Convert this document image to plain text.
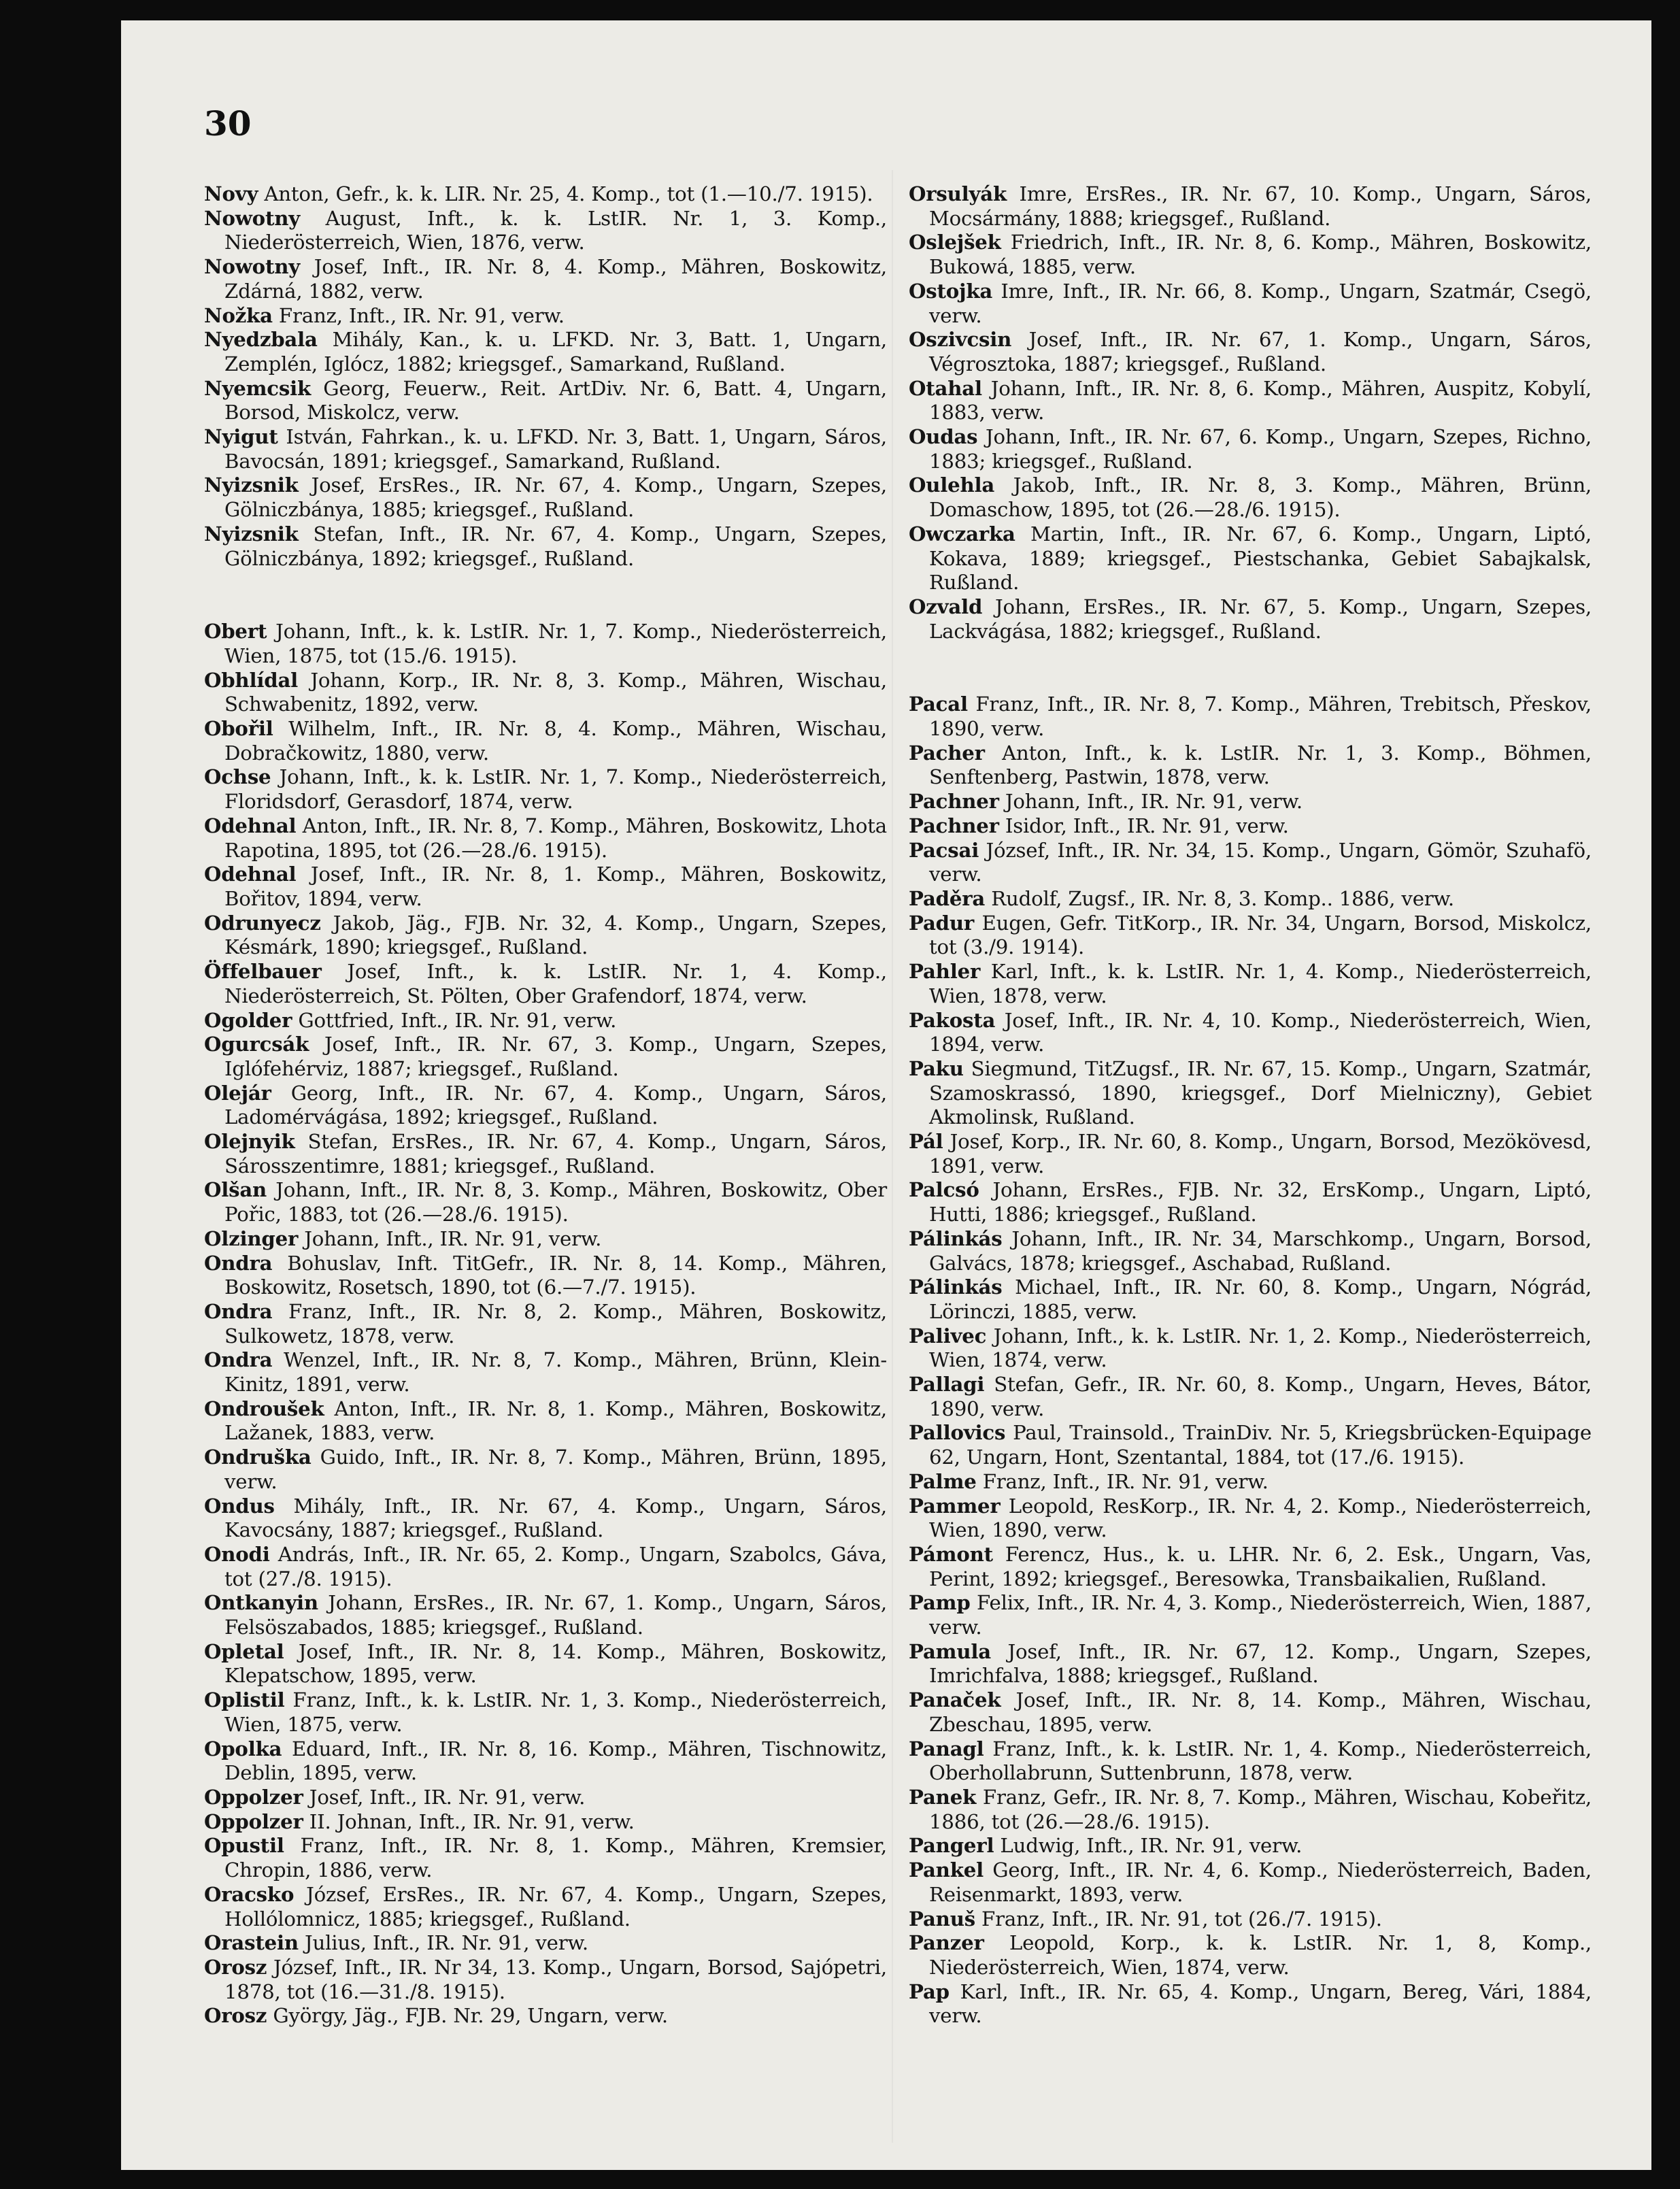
30

Novy Anton, Gefr., k. k. LIR. Nr. 25, 4. Komp., tot (1.—10./7. 1915).

Nowotny August, Inft., k. k. LstIR. Nr. 1, 3. Komp., Niederösterreich, Wien, 1876, verw.

Nowotny Josef, Inft., IR. Nr. 8, 4. Komp., Mähren, Boskowitz, Zdárná, 1882, verw.

Nožka Franz, Inft., IR. Nr. 91, verw.

Nyedzbala Mihály, Kan., k. u. LFKD. Nr. 3, Batt. 1, Ungarn, Zemplén, Iglócz, 1882; kriegsgef., Samarkand, Rußland.

Nyemcsik Georg, Feuerw., Reit. ArtDiv. Nr. 6, Batt. 4, Ungarn, Borsod, Miskolcz, verw.

Nyigut István, Fahrkan., k. u. LFKD. Nr. 3, Batt. 1, Ungarn, Sáros, Bavocsán, 1891; kriegsgef., Samarkand, Rußland.

Nyizsnik Josef, ErsRes., IR. Nr. 67, 4. Komp., Ungarn, Szepes, Gölniczbánya, 1885; kriegsgef., Rußland.

Nyizsnik Stefan, Inft., IR. Nr. 67, 4. Komp., Ungarn, Szepes, Gölniczbánya, 1892; kriegsgef., Rußland.

Obert Johann, Inft., k. k. LstIR. Nr. 1, 7. Komp., Niederösterreich, Wien, 1875, tot (15./6. 1915).

Obhlídal Johann, Korp., IR. Nr. 8, 3. Komp., Mähren, Wischau, Schwabenitz, 1892, verw.

Obořil Wilhelm, Inft., IR. Nr. 8, 4. Komp., Mähren, Wischau, Dobračkowitz, 1880, verw.

Ochse Johann, Inft., k. k. LstIR. Nr. 1, 7. Komp., Niederösterreich, Floridsdorf, Gerasdorf, 1874, verw.

Odehnal Anton, Inft., IR. Nr. 8, 7. Komp., Mähren, Boskowitz, Lhota Rapotina, 1895, tot (26.—28./6. 1915).

Odehnal Josef, Inft., IR. Nr. 8, 1. Komp., Mähren, Boskowitz, Bořitov, 1894, verw.

Odrunyecz Jakob, Jäg., FJB. Nr. 32, 4. Komp., Ungarn, Szepes, Késmárk, 1890; kriegsgef., Rußland.

Öffelbauer Josef, Inft., k. k. LstIR. Nr. 1, 4. Komp., Niederösterreich, St. Pölten, Ober Grafendorf, 1874, verw.

Ogolder Gottfried, Inft., IR. Nr. 91, verw.

Ogurcsák Josef, Inft., IR. Nr. 67, 3. Komp., Ungarn, Szepes, Iglófehérviz, 1887; kriegsgef., Rußland.

Olejár Georg, Inft., IR. Nr. 67, 4. Komp., Ungarn, Sáros, Ladomérvágása, 1892; kriegsgef., Rußland.

Olejnyik Stefan, ErsRes., IR. Nr. 67, 4. Komp., Ungarn, Sáros, Sárosszentimre, 1881; kriegsgef., Rußland.

Olšan Johann, Inft., IR. Nr. 8, 3. Komp., Mähren, Boskowitz, Ober Pořic, 1883, tot (26.—28./6. 1915).

Olzinger Johann, Inft., IR. Nr. 91, verw.

Ondra Bohuslav, Inft. TitGefr., IR. Nr. 8, 14. Komp., Mähren, Boskowitz, Rosetsch, 1890, tot (6.—7./7. 1915).

Ondra Franz, Inft., IR. Nr. 8, 2. Komp., Mähren, Boskowitz, Sulkowetz, 1878, verw.

Ondra Wenzel, Inft., IR. Nr. 8, 7. Komp., Mähren, Brünn, Klein-Kinitz, 1891, verw.

Ondroušek Anton, Inft., IR. Nr. 8, 1. Komp., Mähren, Boskowitz, Lažanek, 1883, verw.

Ondruška Guido, Inft., IR. Nr. 8, 7. Komp., Mähren, Brünn, 1895, verw.

Ondus Mihály, Inft., IR. Nr. 67, 4. Komp., Ungarn, Sáros, Kavocsány, 1887; kriegsgef., Rußland.

Onodi András, Inft., IR. Nr. 65, 2. Komp., Ungarn, Szabolcs, Gáva, tot (27./8. 1915).

Ontkanyin Johann, ErsRes., IR. Nr. 67, 1. Komp., Ungarn, Sáros, Felsöszabados, 1885; kriegsgef., Rußland.

Opletal Josef, Inft., IR. Nr. 8, 14. Komp., Mähren, Boskowitz, Klepatschow, 1895, verw.

Oplistil Franz, Inft., k. k. LstIR. Nr. 1, 3. Komp., Niederösterreich, Wien, 1875, verw.

Opolka Eduard, Inft., IR. Nr. 8, 16. Komp., Mähren, Tischnowitz, Deblin, 1895, verw.

Oppolzer Josef, Inft., IR. Nr. 91, verw.

Oppolzer II. Johnan, Inft., IR. Nr. 91, verw.

Opustil Franz, Inft., IR. Nr. 8, 1. Komp., Mähren, Kremsier, Chropin, 1886, verw.

Oracsko József, ErsRes., IR. Nr. 67, 4. Komp., Ungarn, Szepes, Hollólomnicz, 1885; kriegsgef., Rußland.

Orastein Julius, Inft., IR. Nr. 91, verw.

Orosz József, Inft., IR. Nr 34, 13. Komp., Ungarn, Borsod, Sajópetri, 1878, tot (16.—31./8. 1915).

Orosz György, Jäg., FJB. Nr. 29, Ungarn, verw.

Orsulyák Imre, ErsRes., IR. Nr. 67, 10. Komp., Ungarn, Sáros, Mocsármány, 1888; kriegsgef., Rußland.

Oslejšek Friedrich, Inft., IR. Nr. 8, 6. Komp., Mähren, Boskowitz, Bukowá, 1885, verw.

Ostojka Imre, Inft., IR. Nr. 66, 8. Komp., Ungarn, Szatmár, Csegö, verw.

Oszivcsin Josef, Inft., IR. Nr. 67, 1. Komp., Ungarn, Sáros, Végrosztoka, 1887; kriegsgef., Rußland.

Otahal Johann, Inft., IR. Nr. 8, 6. Komp., Mähren, Auspitz, Kobylí, 1883, verw.

Oudas Johann, Inft., IR. Nr. 67, 6. Komp., Ungarn, Szepes, Richno, 1883; kriegsgef., Rußland.

Oulehla Jakob, Inft., IR. Nr. 8, 3. Komp., Mähren, Brünn, Domaschow, 1895, tot (26.—28./6. 1915).

Owczarka Martin, Inft., IR. Nr. 67, 6. Komp., Ungarn, Liptó, Kokava, 1889; kriegsgef., Piestschanka, Gebiet Sabajkalsk, Rußland.

Ozvald Johann, ErsRes., IR. Nr. 67, 5. Komp., Ungarn, Szepes, Lackvágása, 1882; kriegsgef., Rußland.

Pacal Franz, Inft., IR. Nr. 8, 7. Komp., Mähren, Trebitsch, Přeskov, 1890, verw.

Pacher Anton, Inft., k. k. LstIR. Nr. 1, 3. Komp., Böhmen, Senftenberg, Pastwin, 1878, verw.

Pachner Johann, Inft., IR. Nr. 91, verw.

Pachner Isidor, Inft., IR. Nr. 91, verw.

Pacsai József, Inft., IR. Nr. 34, 15. Komp., Ungarn, Gömör, Szuhafö, verw.

Paděra Rudolf, Zugsf., IR. Nr. 8, 3. Komp.. 1886, verw.

Padur Eugen, Gefr. TitKorp., IR. Nr. 34, Ungarn, Borsod, Miskolcz, tot (3./9. 1914).

Pahler Karl, Inft., k. k. LstIR. Nr. 1, 4. Komp., Niederösterreich, Wien, 1878, verw.

Pakosta Josef, Inft., IR. Nr. 4, 10. Komp., Niederösterreich, Wien, 1894, verw.

Paku Siegmund, TitZugsf., IR. Nr. 67, 15. Komp., Ungarn, Szatmár, Szamoskrassó, 1890, kriegsgef., Dorf Mielniczny), Gebiet Akmolinsk, Rußland.

Pál Josef, Korp., IR. Nr. 60, 8. Komp., Ungarn, Borsod, Mezökövesd, 1891, verw.

Palcsó Johann, ErsRes., FJB. Nr. 32, ErsKomp., Ungarn, Liptó, Hutti, 1886; kriegsgef., Rußland.

Pálinkás Johann, Inft., IR. Nr. 34, Marschkomp., Ungarn, Borsod, Galvács, 1878; kriegsgef., Aschabad, Rußland.

Pálinkás Michael, Inft., IR. Nr. 60, 8. Komp., Ungarn, Nógrád, Lörinczi, 1885, verw.

Palivec Johann, Inft., k. k. LstIR. Nr. 1, 2. Komp., Niederösterreich, Wien, 1874, verw.

Pallagi Stefan, Gefr., IR. Nr. 60, 8. Komp., Ungarn, Heves, Bátor, 1890, verw.

Pallovics Paul, Trainsold., TrainDiv. Nr. 5, Kriegsbrücken-Equipage 62, Ungarn, Hont, Szentantal, 1884, tot (17./6. 1915).

Palme Franz, Inft., IR. Nr. 91, verw.

Pammer Leopold, ResKorp., IR. Nr. 4, 2. Komp., Niederösterreich, Wien, 1890, verw.

Pámont Ferencz, Hus., k. u. LHR. Nr. 6, 2. Esk., Ungarn, Vas, Perint, 1892; kriegsgef., Beresowka, Transbaikalien, Rußland.

Pamp Felix, Inft., IR. Nr. 4, 3. Komp., Niederösterreich, Wien, 1887, verw.

Pamula Josef, Inft., IR. Nr. 67, 12. Komp., Ungarn, Szepes, Imrichfalva, 1888; kriegsgef., Rußland.

Panaček Josef, Inft., IR. Nr. 8, 14. Komp., Mähren, Wischau, Zbeschau, 1895, verw.

Panagl Franz, Inft., k. k. LstIR. Nr. 1, 4. Komp., Niederösterreich, Oberhollabrunn, Suttenbrunn, 1878, verw.

Panek Franz, Gefr., IR. Nr. 8, 7. Komp., Mähren, Wischau, Kobeřitz, 1886, tot (26.—28./6. 1915).

Pangerl Ludwig, Inft., IR. Nr. 91, verw.

Pankel Georg, Inft., IR. Nr. 4, 6. Komp., Niederösterreich, Baden, Reisenmarkt, 1893, verw.

Panuš Franz, Inft., IR. Nr. 91, tot (26./7. 1915).

Panzer Leopold, Korp., k. k. LstIR. Nr. 1, 8, Komp., Niederösterreich, Wien, 1874, verw.

Pap Karl, Inft., IR. Nr. 65, 4. Komp., Ungarn, Bereg, Vári, 1884, verw.
